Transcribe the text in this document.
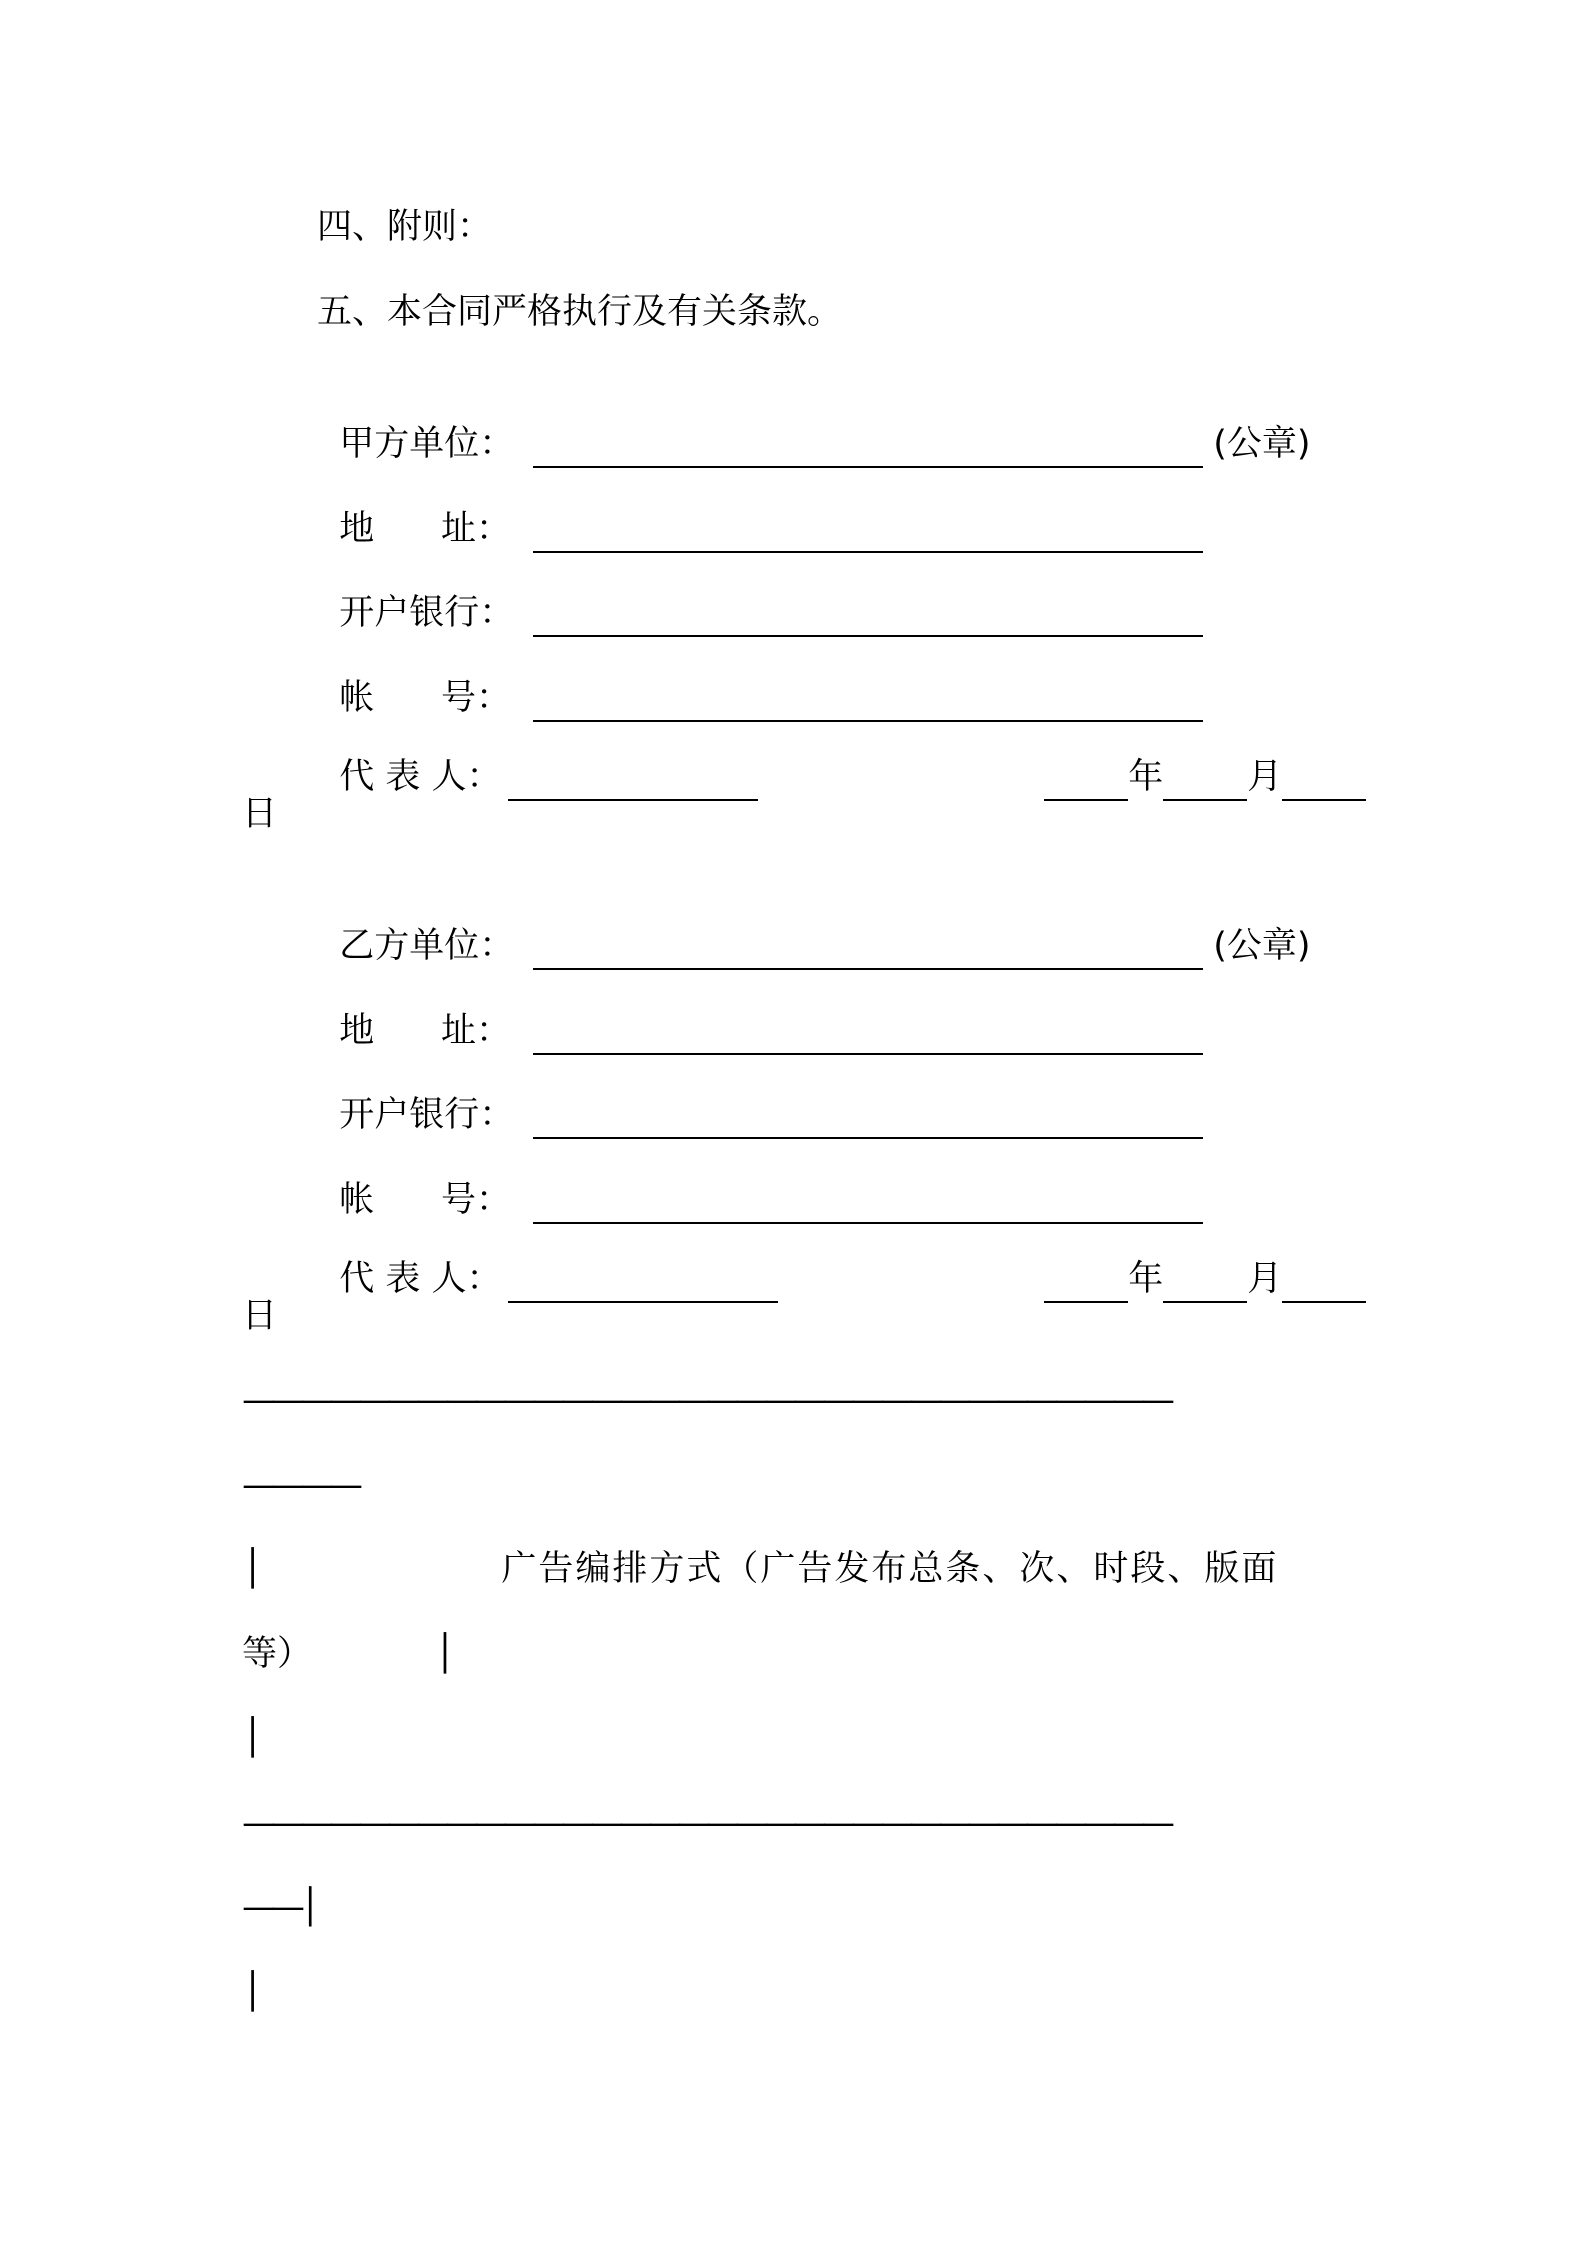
四、附则：
五、本合同严格执行及有关条款。

甲方单位：	(公章)

地      址：

开户银行：

帐      号：

代 表 人：	年 月

日

乙方单位：	(公章)

地      址：

开户银行：

帐      号：

代 表 人：	年 月

日
————————————————————————————————
————
│                  广告编排方式（广告发布总条、次、时段、版面
等）           │
│
————————————————————————————————
——│
│
